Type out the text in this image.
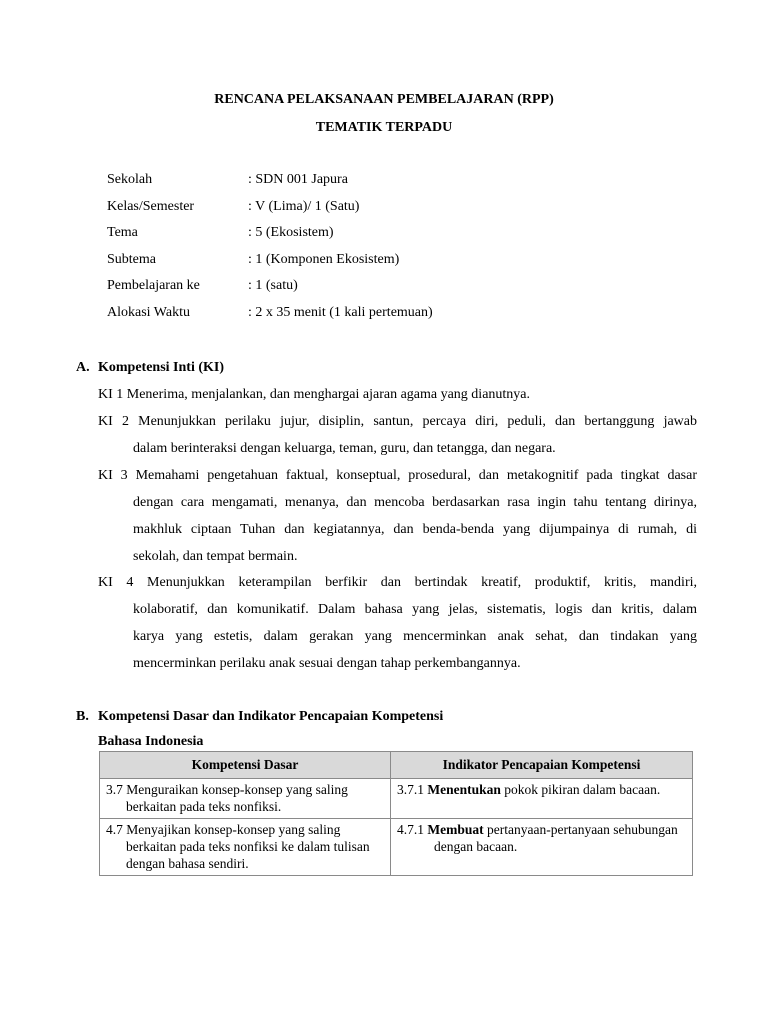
RENCANA PELAKSANAAN PEMBELAJARAN (RPP)
TEMATIK TERPADU
Sekolah	: SDN 001 Japura
Kelas/Semester	: V (Lima)/ 1 (Satu)
Tema	: 5 (Ekosistem)
Subtema	: 1 (Komponen Ekosistem)
Pembelajaran ke	: 1 (satu)
Alokasi Waktu	: 2 x 35 menit (1 kali pertemuan)
A. Kompetensi Inti (KI)
KI 1 Menerima, menjalankan, dan menghargai ajaran agama yang dianutnya.
KI 2 Menunjukkan perilaku jujur, disiplin, santun, percaya diri, peduli, dan bertanggung jawab
dalam berinteraksi dengan keluarga, teman, guru, dan tetangga, dan negara.
KI 3 Memahami pengetahuan faktual, konseptual, prosedural, dan metakognitif pada tingkat dasar
dengan cara mengamati, menanya, dan mencoba berdasarkan rasa ingin tahu tentang dirinya,
makhluk ciptaan Tuhan dan kegiatannya, dan benda-benda yang dijumpainya di rumah, di
sekolah, dan tempat bermain.
KI 4 Menunjukkan keterampilan berfikir dan bertindak kreatif, produktif, kritis, mandiri,
kolaboratif, dan komunikatif. Dalam bahasa yang jelas, sistematis, logis dan kritis, dalam
karya yang estetis, dalam gerakan yang mencerminkan anak sehat, dan tindakan yang
mencerminkan perilaku anak sesuai dengan tahap perkembangannya.
B. Kompetensi Dasar dan Indikator Pencapaian Kompetensi
Bahasa Indonesia
Kompetensi Dasar	Indikator Pencapaian Kompetensi

3.7 Menguraikan konsep-konsep yang saling berkaitan pada teks nonfiksi.	3.7.1 Menentukan pokok pikiran dalam bacaan.

4.7 Menyajikan konsep-konsep yang saling berkaitan pada teks nonfiksi ke dalam tulisan dengan bahasa sendiri.	4.7.1 Membuat pertanyaan-pertanyaan sehubungan dengan bacaan.
